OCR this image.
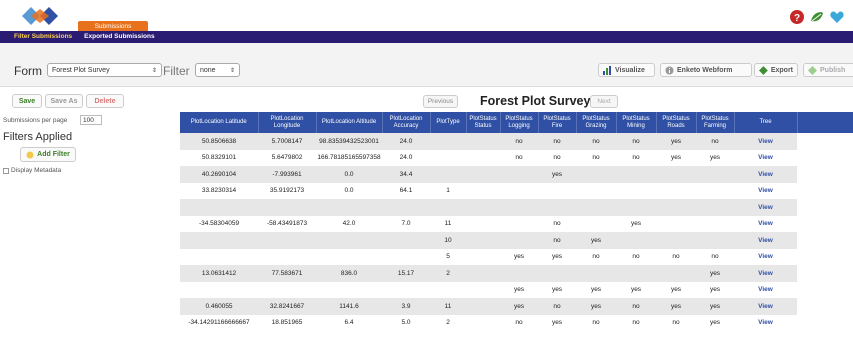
Submissions
?
Filter Submissions Exported Submissions
Form Forest Plot Survey	⇕ Filter none ⇕	Visualize	Enketo Webform	Export	Publish
Save	Save As	Delete
Submissions per page	100
Filters Applied
Add Filter
Display Metadata
Previous	Forest Plot Survey	Next
PlotLocation Latitude	PlotLocation Longitude	PlotLocation Altitude	PlotLocation Accuracy	PlotType	PlotStatus Status	PlotStatus Logging	PlotStatus Fire	PlotStatus Grazing	PlotStatus Mining	PlotStatus Roads	PlotStatus Farming	Tree
50.8506638	5.7008147	98.83539432523001	24.0			no	no	no	no	yes	no	View
50.8329101	5.6479802	166.78185165597358	24.0			no	no	no	no	yes	yes	View
40.2690104	-7.993961	0.0	34.4				yes					View
33.8230314	35.9192173	0.0	64.1	1								View
												View
-34.58304059	-58.43491873	42.0	7.0	11			no		yes			View
				10			no	yes				View
				5		yes	yes	no	no	no	no	View
13.0631412	77.583671	836.0	15.17	2							yes	View
						yes	yes	yes	yes	yes	yes	View
0.460055	32.8241667	1141.6	3.9	11		yes	no	yes	no	yes	yes	View
-34.14291166666667	18.851965	6.4	5.0	2		no	yes	no	no	no	yes	View
